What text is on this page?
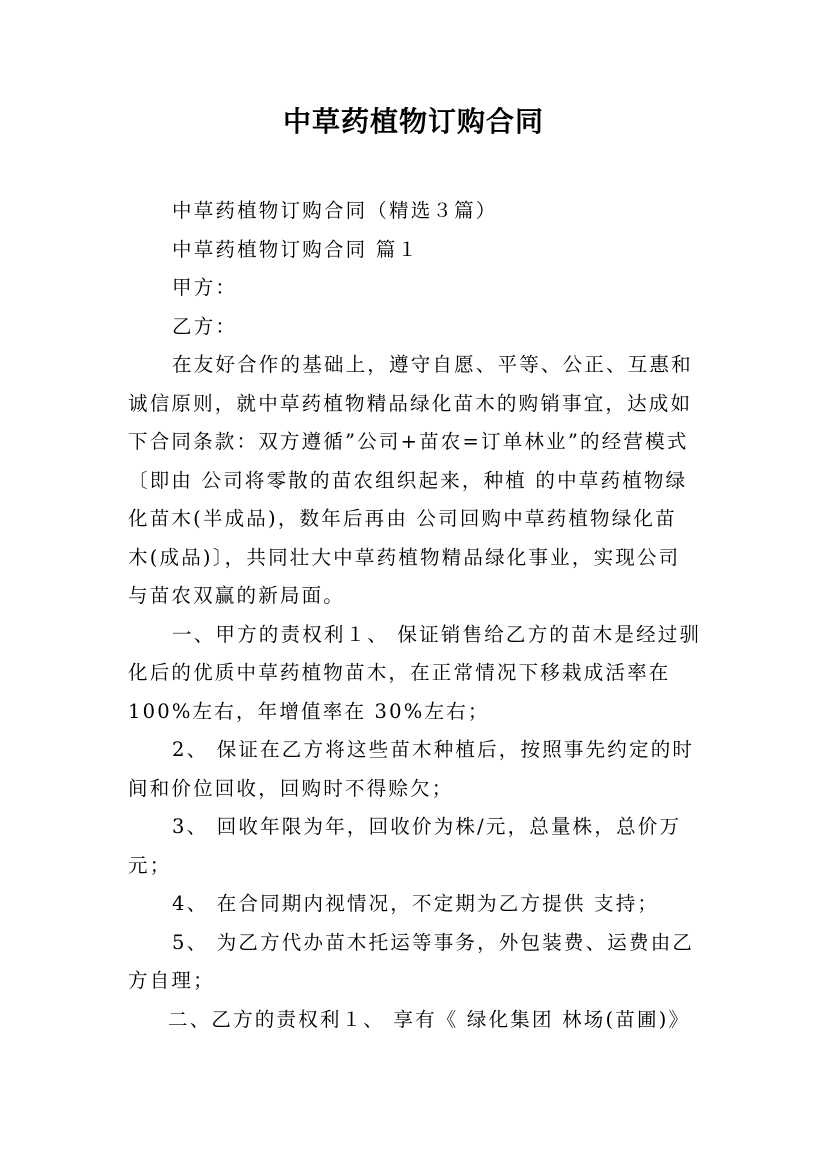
中草药植物订购合同
中草药植物订购合同（精选３篇）
中草药植物订购合同 篇１
甲方：
乙方：
在友好合作的基础上，遵守自愿、平等、公正、互惠和
诚信原则，就中草药植物精品绿化苗木的购销事宜，达成如
下合同条款：双方遵循”公司+苗农=订单林业”的经营模式
〔即由 公司将零散的苗农组织起来，种植 的中草药植物绿
化苗木(半成品)，数年后再由 公司回购中草药植物绿化苗
木(成品)〕，共同壮大中草药植物精品绿化事业，实现公司
与苗农双赢的新局面。
一、甲方的责权利１、 保证销售给乙方的苗木是经过驯
化后的优质中草药植物苗木，在正常情况下移栽成活率在
100%左右，年增值率在 30%左右；
2、 保证在乙方将这些苗木种植后，按照事先约定的时
间和价位回收，回购时不得赊欠；
3、 回收年限为年，回收价为株/元，总量株，总价万
元；
4、 在合同期内视情况，不定期为乙方提供 支持；
5、 为乙方代办苗木托运等事务，外包装费、运费由乙
方自理；
二、乙方的责权利１、 享有《 绿化集团 林场(苗圃)》
